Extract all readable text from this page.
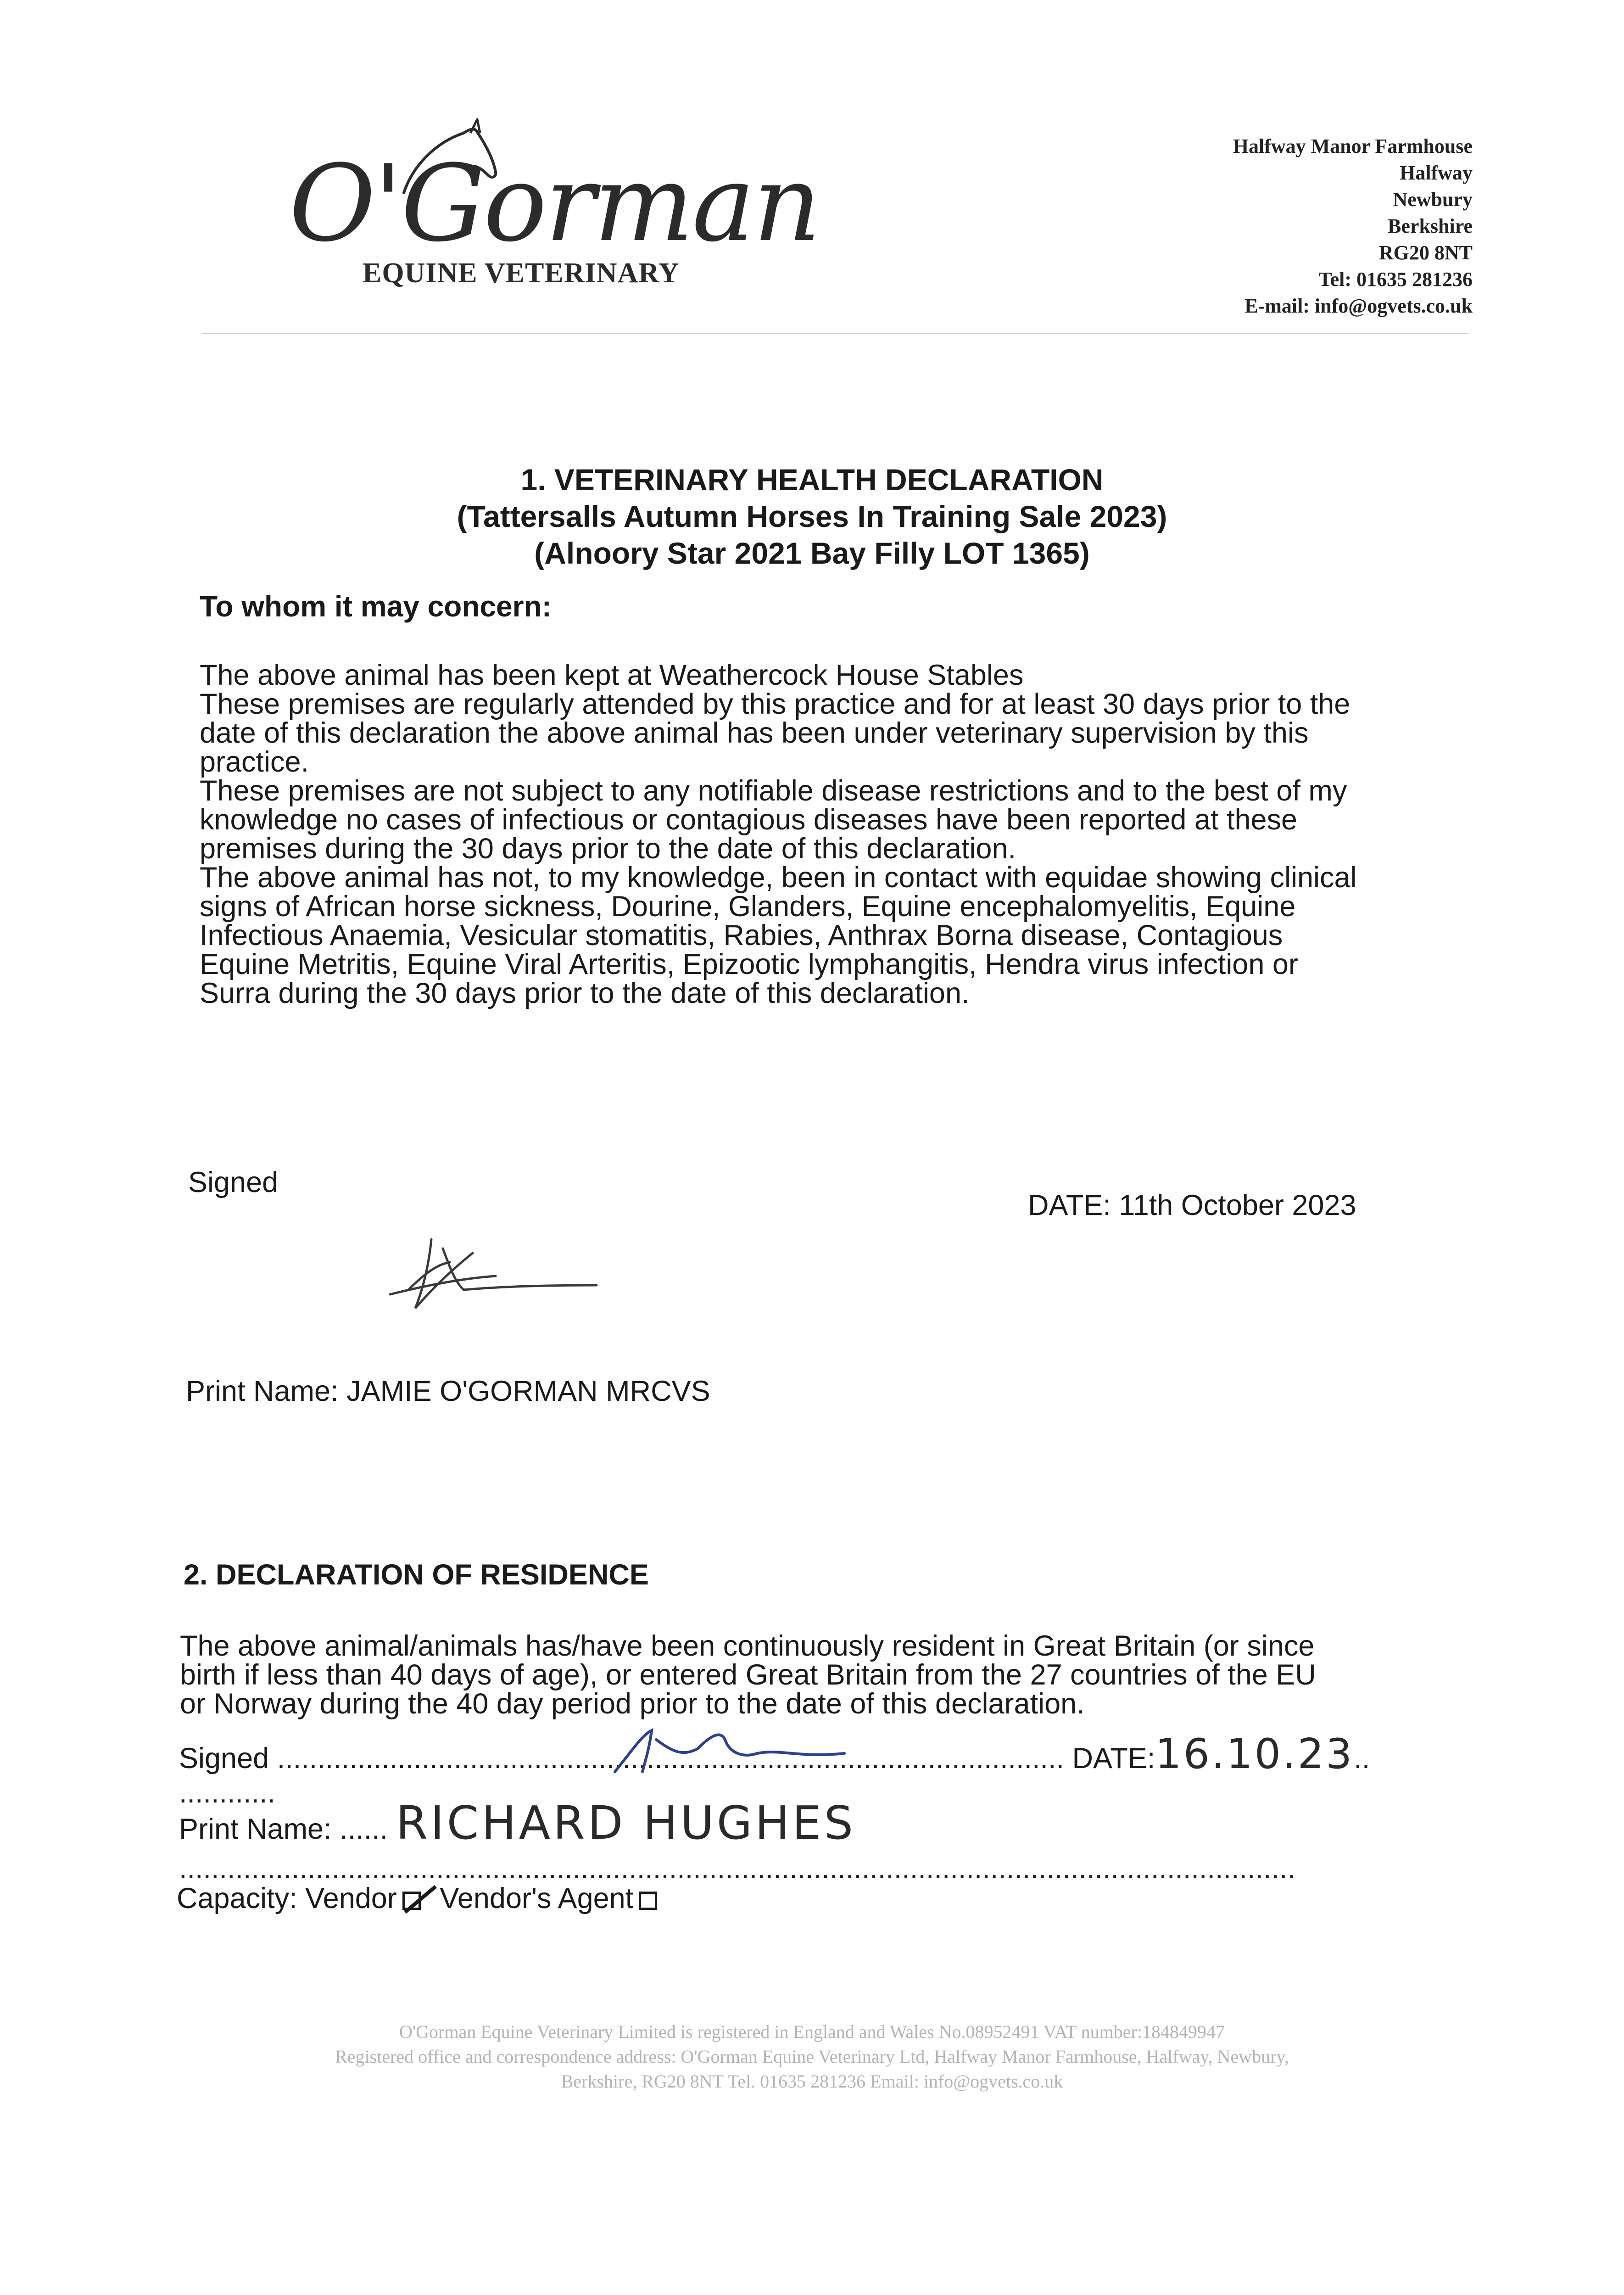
O'Gorman
EQUINE VETERINARY
Halfway Manor Farmhouse
Halfway
Newbury
Berkshire
RG20 8NT
Tel: 01635 281236
E-mail: info@ogvets.co.uk
1. VETERINARY HEALTH DECLARATION
(Tattersalls Autumn Horses In Training Sale 2023)
(Alnoory Star 2021 Bay Filly LOT 1365)
To whom it may concern:
The above animal has been kept at Weathercock House Stables
These premises are regularly attended by this practice and for at least 30 days prior to the
date of this declaration the above animal has been under veterinary supervision by this
practice.
These premises are not subject to any notifiable disease restrictions and to the best of my
knowledge no cases of infectious or contagious diseases have been reported at these
premises during the 30 days prior to the date of this declaration.
The above animal has not, to my knowledge, been in contact with equidae showing clinical
signs of African horse sickness, Dourine, Glanders, Equine encephalomyelitis, Equine
Infectious Anaemia, Vesicular stomatitis, Rabies, Anthrax Borna disease, Contagious
Equine Metritis, Equine Viral Arteritis, Epizootic lymphangitis, Hendra virus infection or
Surra during the 30 days prior to the date of this declaration.
Signed
DATE: 11th October 2023
Print Name: JAMIE O'GORMAN MRCVS
2. DECLARATION OF RESIDENCE
The above animal/animals has/have been continuously resident in Great Britain (or since
birth if less than 40 days of age), or entered Great Britain from the 27 countries of the EU
or Norway during the 40 day period prior to the date of this declaration.
Signed .................................................................................................. DATE:16.10.23..
............
Print Name: ...... RICHARD HUGHES
...........................................................................................................................................
Capacity: Vendor Vendor's Agent
O'Gorman Equine Veterinary Limited is registered in England and Wales No.08952491 VAT number:184849947
Registered office and correspondence address: O'Gorman Equine Veterinary Ltd, Halfway Manor Farmhouse, Halfway, Newbury,
Berkshire, RG20 8NT Tel. 01635 281236 Email: info@ogvets.co.uk
